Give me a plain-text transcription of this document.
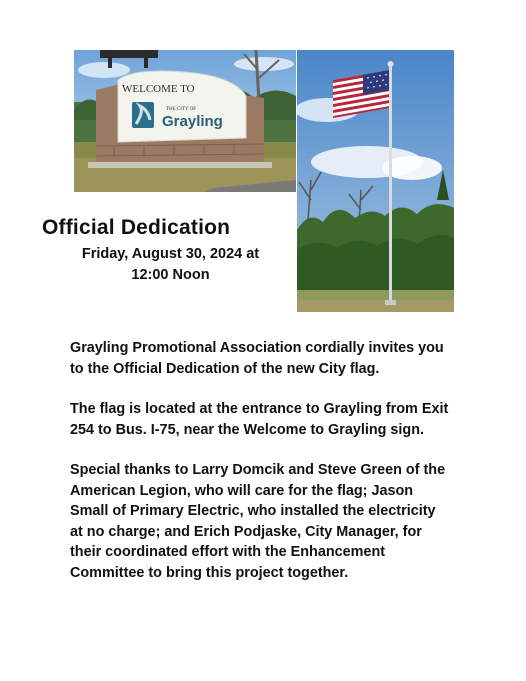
WELCOME TO
THE CITY OF
Grayling
Official Dedication
Friday, August 30, 2024 at
12:00 Noon

Grayling Promotional Association cordially invites you to the Official Dedication of the new City flag.

The flag is located at the entrance to Grayling from Exit 254 to Bus. I-75, near the Welcome to Grayling sign.

Special thanks to Larry Domcik and Steve Green of the American Legion, who will care for the flag; Jason Small of Primary Electric, who installed the electricity at no charge; and Erich Podjaske, City Manager, for their coordinated effort with the Enhancement Committee to bring this project together.
